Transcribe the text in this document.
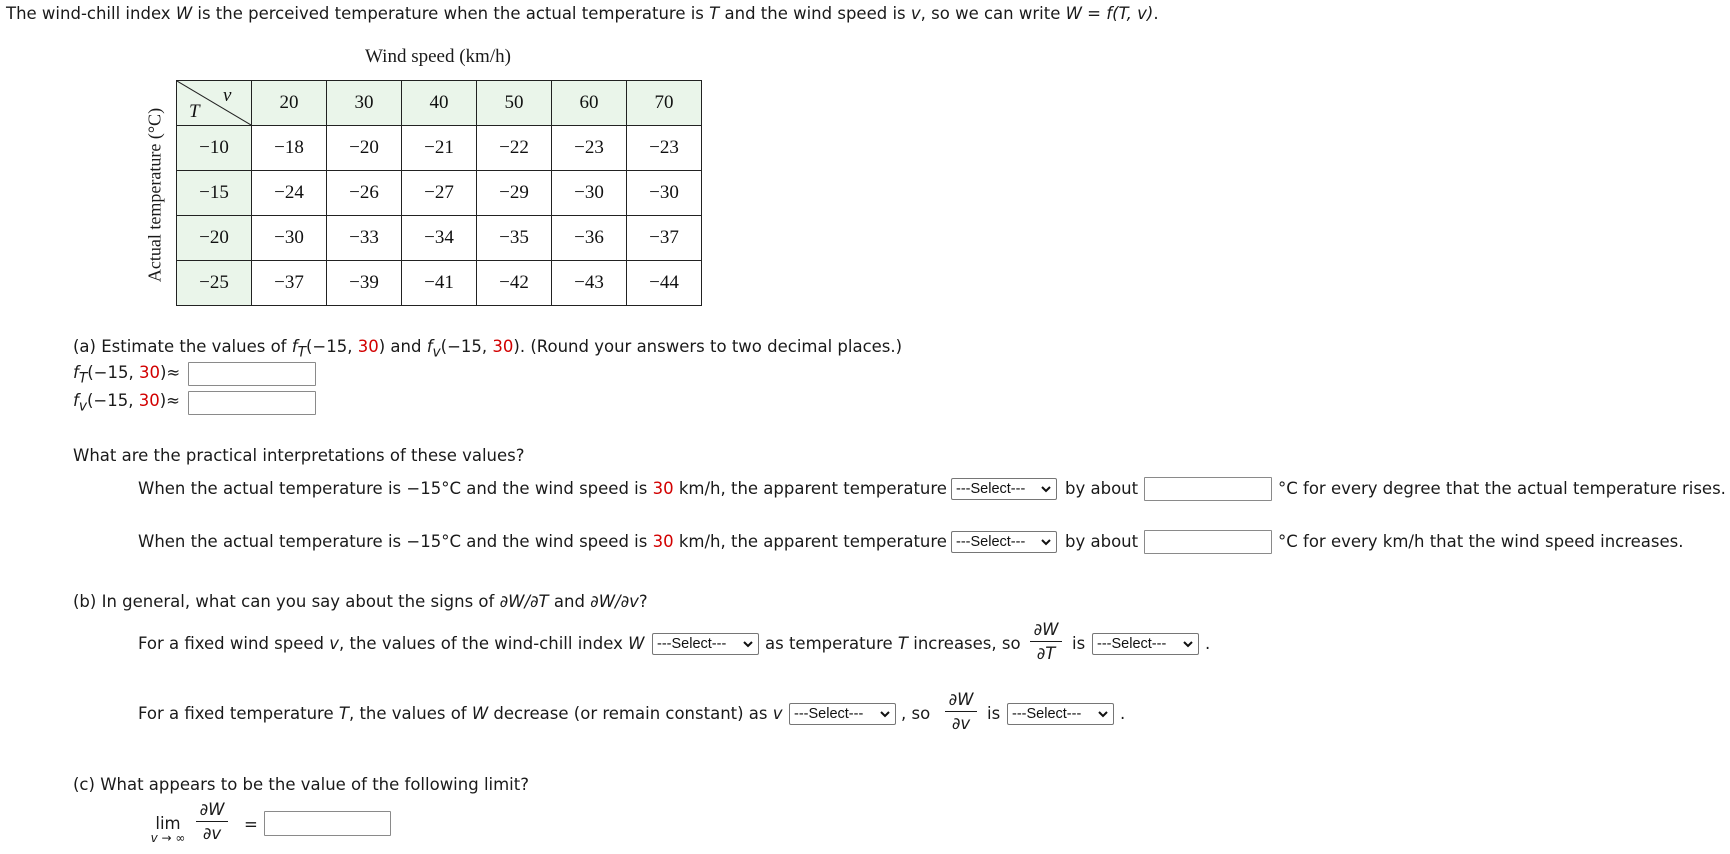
The wind-chill index W is the perceived temperature when the actual temperature is T and the wind speed is v, so we can write W = f(T, v).
Wind speed (km/h)
Actual temperature (°C)
v
T	20	30	40	50	60	70
−10	−18	−20	−21	−22	−23	−23
−15	−24	−26	−27	−29	−30	−30
−20	−30	−33	−34	−35	−36	−37
−25	−37	−39	−41	−42	−43	−44
(a) Estimate the values of $f_T(-15$, 30) and $f_v(-15$, 30). (Round your answers to two decimal places.)
$f_T(-15$, 30)≈
$f_v(-15$, 30)≈
What are the practical interpretations of these values?
When the actual temperature is −15°C and the wind speed is 30 km/h, the apparent temperature ---Select--- by about	°C for every degree that the actual temperature rises.
When the actual temperature is −15°C and the wind speed is 30 km/h, the apparent temperature ---Select--- by about	°C for every km/h that the wind speed increases.
(b) In general, what can you say about the signs of ∂W/∂T and ∂W/∂v?
For a fixed wind speed v, the values of the wind-chill index W ---Select--- as temperature T increases, so
∂W
∂T
is ---Select--- .
For a fixed temperature T, the values of W decrease (or remain constant) as v ---Select--- , so
∂W
∂v
is ---Select--- .
(c) What appears to be the value of the following limit?
lim
v → ∞
∂W
∂v	=
